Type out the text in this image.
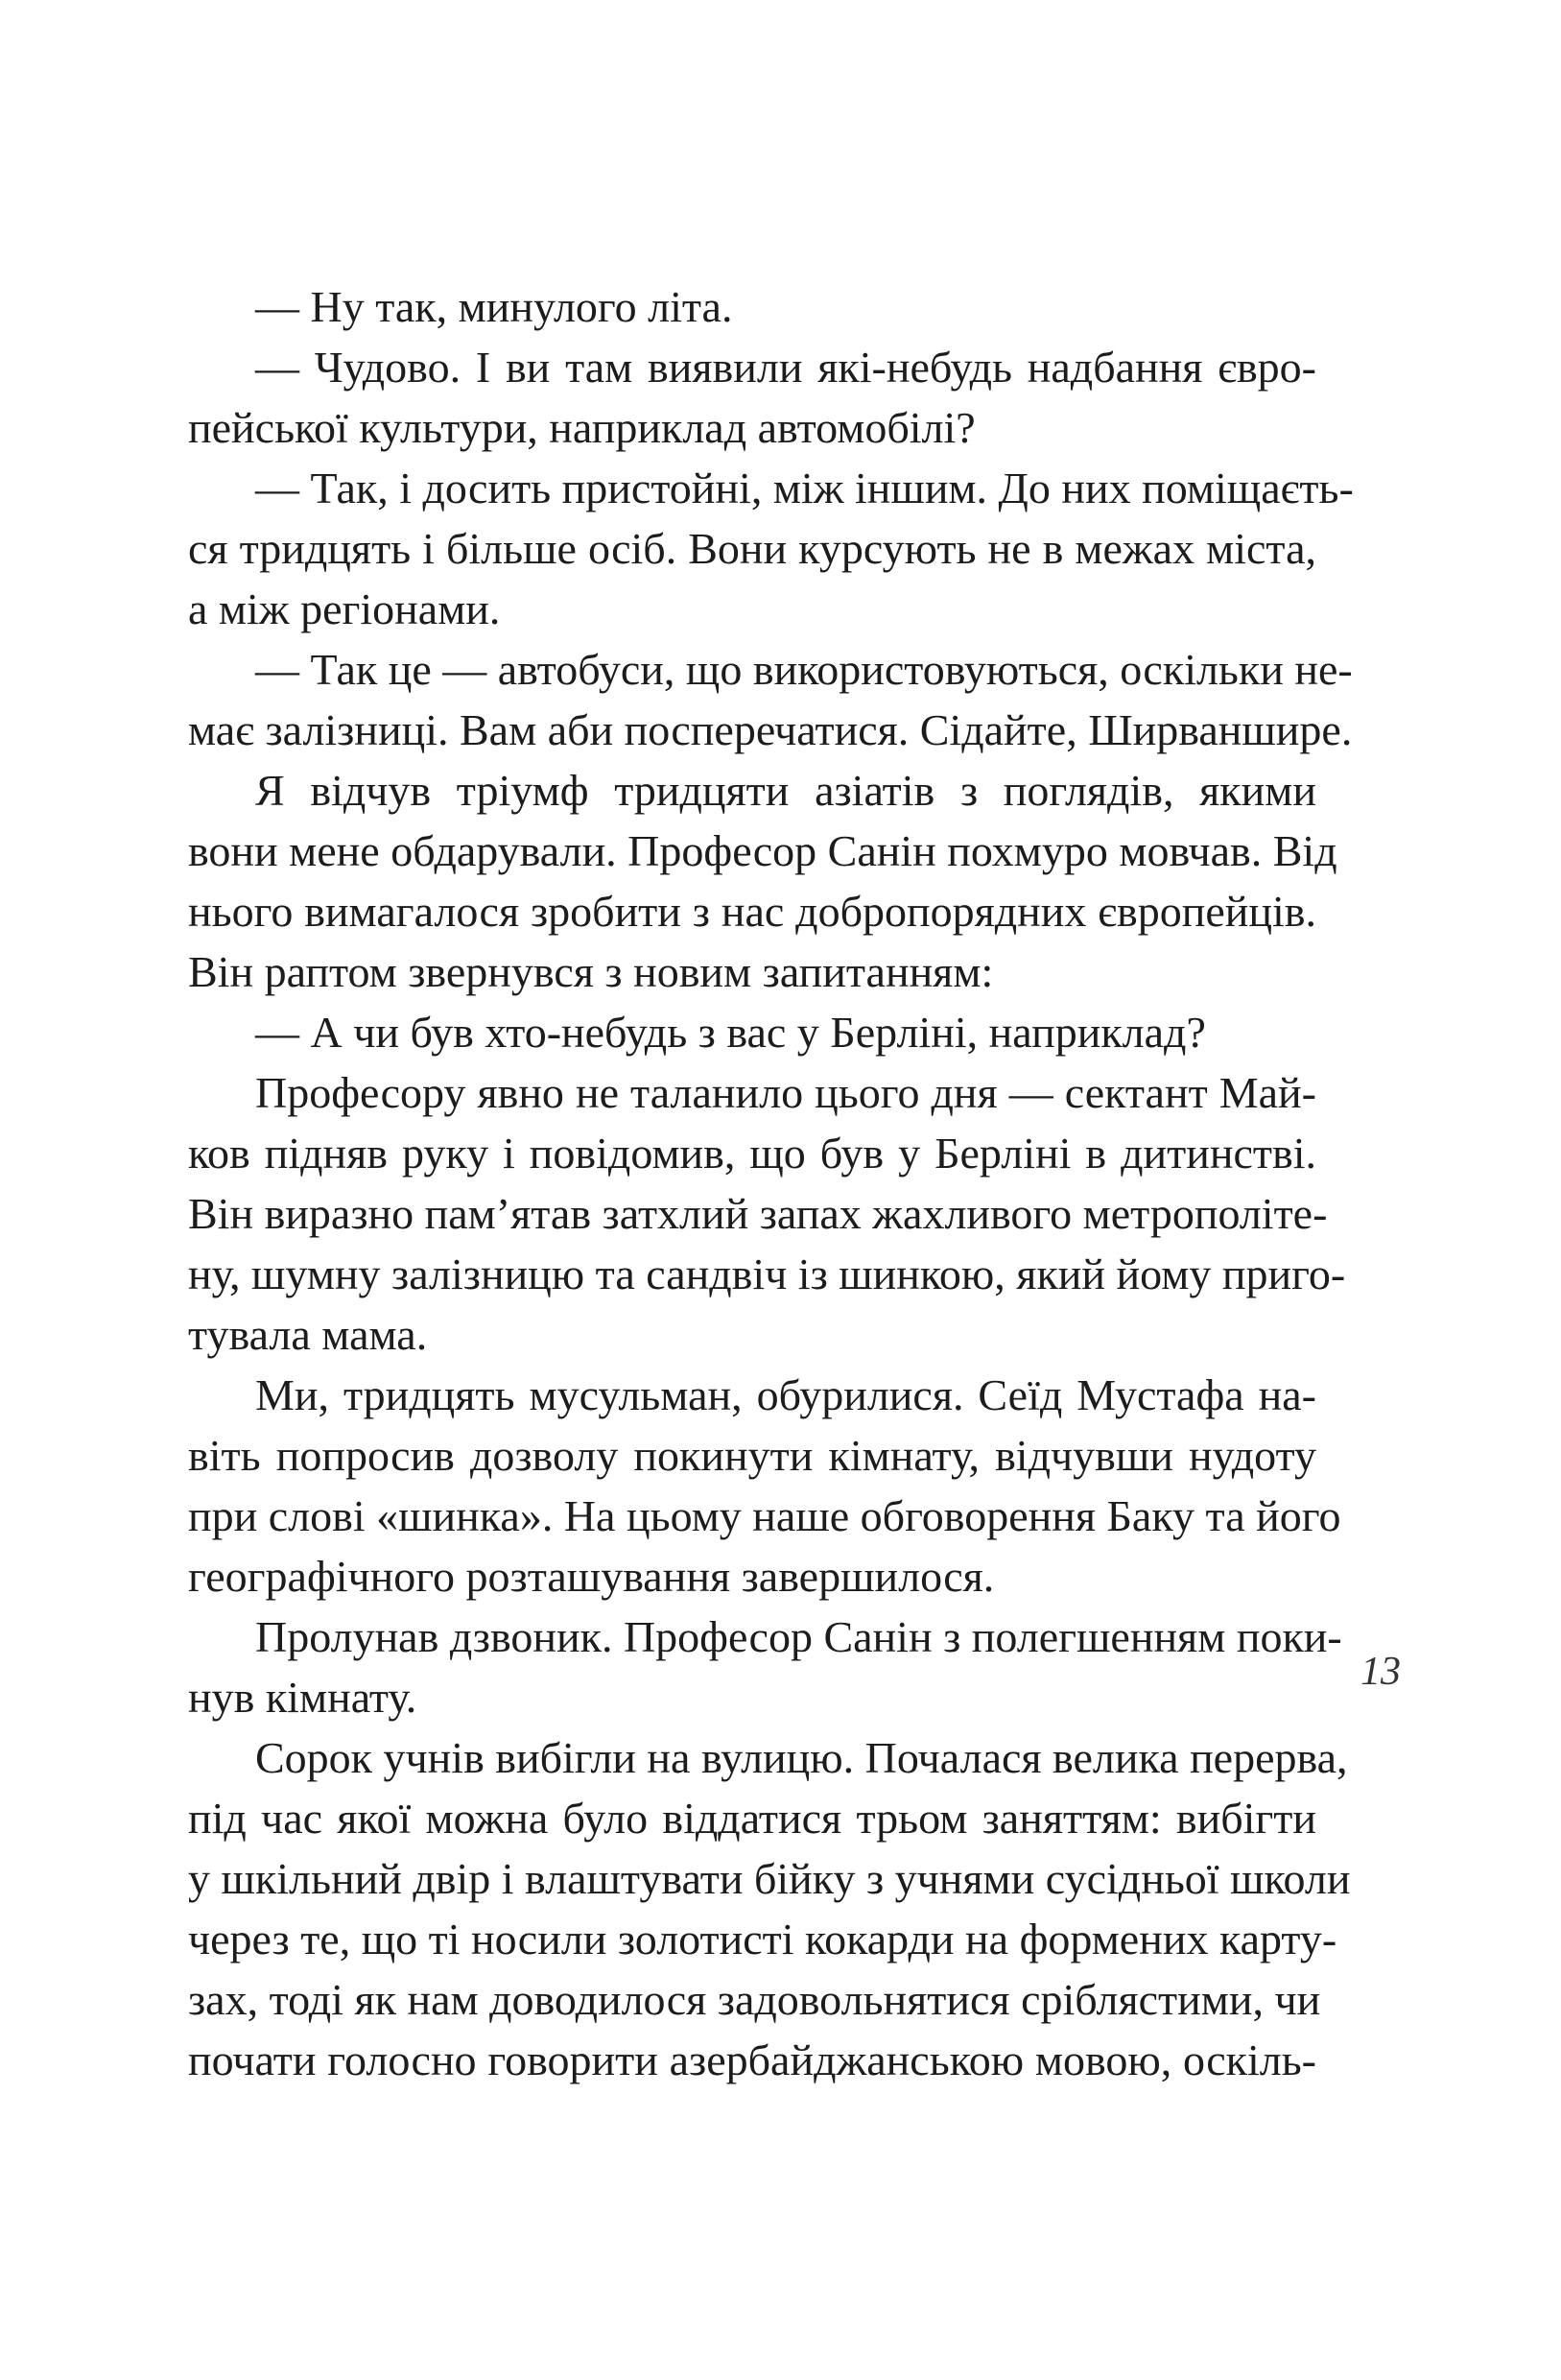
— Ну так, минулого літа.
— Чудово. І ви там виявили які-небудь надбання євро-
пейської культури, наприклад автомобілі?
— Так, і досить пристойні, між іншим. До них поміщаєть-
ся тридцять і більше осіб. Вони курсують не в межах міста,
а між регіонами.
— Так це — автобуси, що використовуються, оскільки не-
має залізниці. Вам аби посперечатися. Сідайте, Ширваншире.
Я відчув тріумф тридцяти азіатів з поглядів, якими
вони мене обдарували. Професор Санін похмуро мовчав. Від
нього вимагалося зробити з нас добропорядних європейців.
Він раптом звернувся з новим запитанням:
— А чи був хто-небудь з вас у Берліні, наприклад?
Професору явно не таланило цього дня — сектант Май-
ков підняв руку і повідомив, що був у Берліні в дитинстві.
Він виразно пам’ятав затхлий запах жахливого метрополіте-
ну, шумну залізницю та сандвіч із шинкою, який йому приго-
тувала мама.
Ми, тридцять мусульман, обурилися. Сеїд Мустафа на-
віть попросив дозволу покинути кімнату, відчувши нудоту
при слові «шинка». На цьому наше обговорення Баку та його
географічного розташування завершилося.
Пролунав дзвоник. Професор Санін з полегшенням поки-
нув кімнату.
Сорок учнів вибігли на вулицю. Почалася велика перерва,
під час якої можна було віддатися трьом заняттям: вибігти
у шкільний двір і влаштувати бійку з учнями сусідньої школи
через те, що ті носили золотисті кокарди на формених карту-
зах, тоді як нам доводилося задовольнятися сріблястими, чи
почати голосно говорити азербайджанською мовою, оскіль-
13
